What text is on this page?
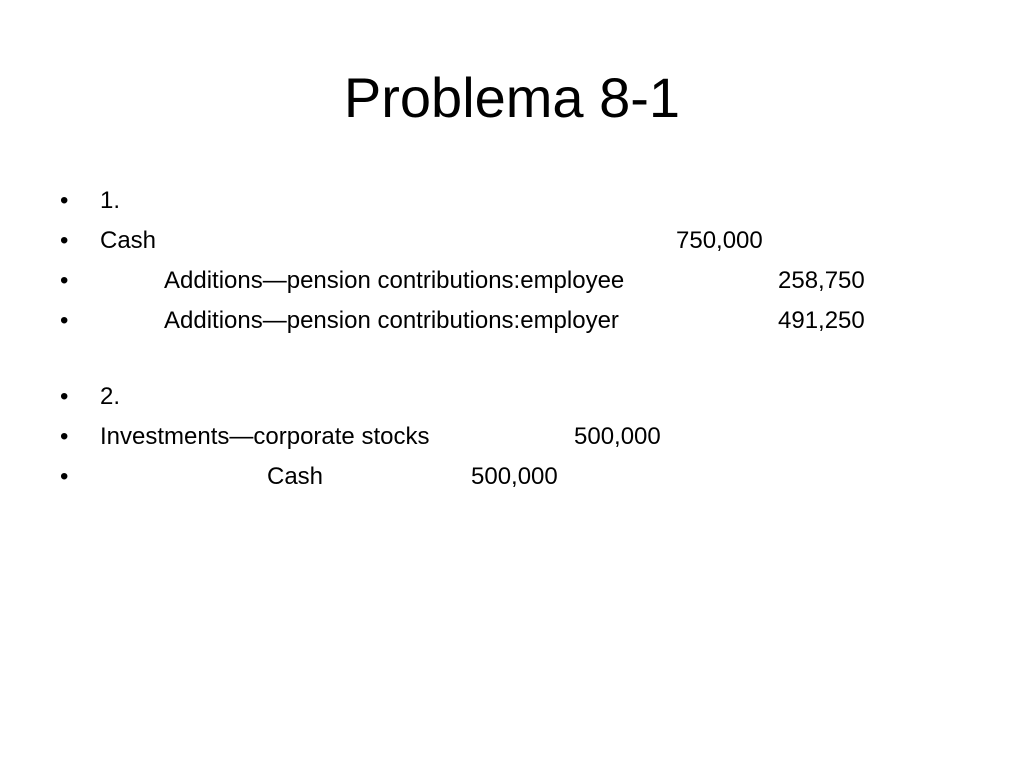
Problema 8-1
• 1.
• Cash	750,000
•	Additions—pension contributions:employee	258,750
•	Additions—pension contributions:employer	491,250
• 2.
• Investments—corporate stocks	500,000
•	Cash	500,000
